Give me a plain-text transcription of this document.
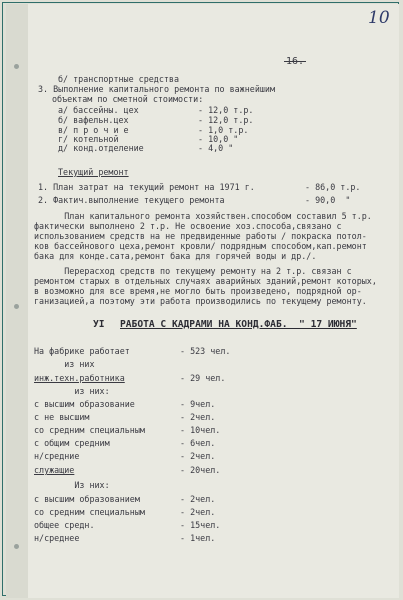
10
16.
б/ транспортные средства
3. Выполнение капитального ремонта по важнейшим
объектам по сметной стоимости:
а/ бассейны. цех	- 12,0 т.р.
б/ вафельн.цех	- 12,0 т.р.
в/ п р о ч и е	- 1,0 т.р.
г/ котельной	- 10,0 "
д/ конд.отделение	- 4,0 "
Текущий ремонт
1. План затрат на текущий ремонт на 1971 г.	- 86,0 т.р.
2. Фактич.выполнение текущего ремонта	- 90,0  "
План капитального ремонта хозяйствен.способом составил 5 т.р.
фактически выполнено 2 т.р. Не освоение хоз.способа,связано с
использованием средств на не предвиденные работы / покраска потол-
ков бассейнового цеха,ремонт кровли/ подрядным способом,кап.ремонт
бака для конде.сата,ремонт бака для горячей воды и др./.
Перерасход средств по текущему ремонту на 2 т.р. связан с
ремонтом старых в отдельных случаях аварийных зданий,ремонт которых,
в возможно для все время,не могло быть произведено, подрядной ор-
ганизацией,а поэтому эти работа производились по текущему ремонту.
УI РАБОТА С КАДРАМИ НА КОНД.ФАБ.  " 17 ИЮНЯ"
На фабрике работает	- 523 чел.
из них
инж.техн.работника	- 29 чел.
из них:
с высшим образование	- 9чел.
с не высшим	- 2чел.
со средним специальным	- 10чел.
с общим средним	- 6чел.
н/средние	- 2чел.
служащие	- 20чел.
Из них:
с высшим образованием	- 2чел.
со средним специальным	- 2чел.
общее средн.	- 15чел.
н/среднее	- 1чел.
